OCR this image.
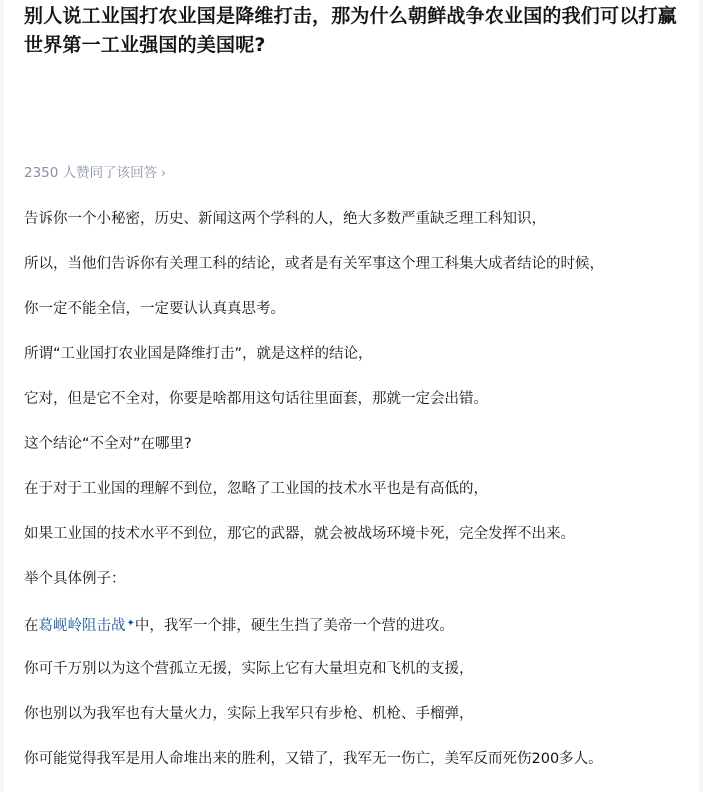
别人说工业国打农业国是降维打击，那为什么朝鲜战争农业国的我们可以打赢世界第一工业强国的美国呢?
2350 人赞同了该回答 ›

告诉你一个小秘密，历史、新闻这两个学科的人，绝大多数严重缺乏理工科知识，

所以，当他们告诉你有关理工科的结论，或者是有关军事这个理工科集大成者结论的时候，

你一定不能全信，一定要认认真真思考。

所谓“工业国打农业国是降维打击”，就是这样的结论，

它对，但是它不全对，你要是啥都用这句话往里面套，那就一定会出错。

这个结论“不全对”在哪里?

在于对于工业国的理解不到位，忽略了工业国的技术水平也是有高低的，

如果工业国的技术水平不到位，那它的武器，就会被战场环境卡死，完全发挥不出来。

举个具体例子：

在葛岘岭阻击战✦中，我军一个排，硬生生挡了美帝一个营的进攻。

你可千万别以为这个营孤立无援，实际上它有大量坦克和飞机的支援，

你也别以为我军也有大量火力，实际上我军只有步枪、机枪、手榴弹，

你可能觉得我军是用人命堆出来的胜利，又错了，我军无一伤亡，美军反而死伤200多人。
